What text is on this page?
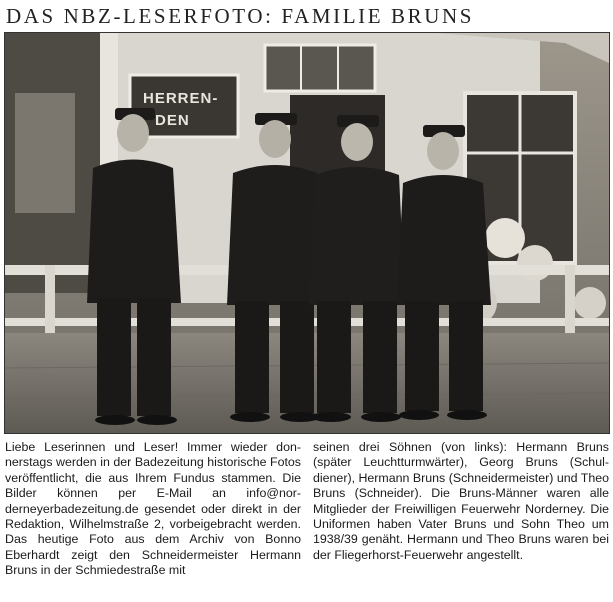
DAS NBZ-LESERFOTO: FAMILIE BRUNS
HERREN-
DEN
Liebe Leserinnen und Leser! Immer wieder donnerstags werden in der Badezeitung historische Fotos veröffentlicht, die aus Ihrem Fundus stammen. Die Bilder können per E-Mail an info@norderneyerbadezeitung.de gesendet oder direkt in der Redaktion, Wilhelmstraße 2, vorbeigebracht werden. Das heutige Foto aus dem Archiv von Bonno Eberhardt zeigt den Schneidermeister Hermann Bruns in der Schmiedestraße mit
seinen drei Söhnen (von links): Hermann Bruns (später Leuchtturmwärter), Georg Bruns (Schuldiener), Hermann Bruns (Schneidermeister) und Theo Bruns (Schneider). Die Bruns-Männer waren alle Mitglieder der Freiwilligen Feuerwehr Norderney. Die Uniformen haben Vater Bruns und Sohn Theo um 1938/39 genäht. Hermann und Theo Bruns waren bei der Fliegerhorst-Feuerwehr angestellt.
